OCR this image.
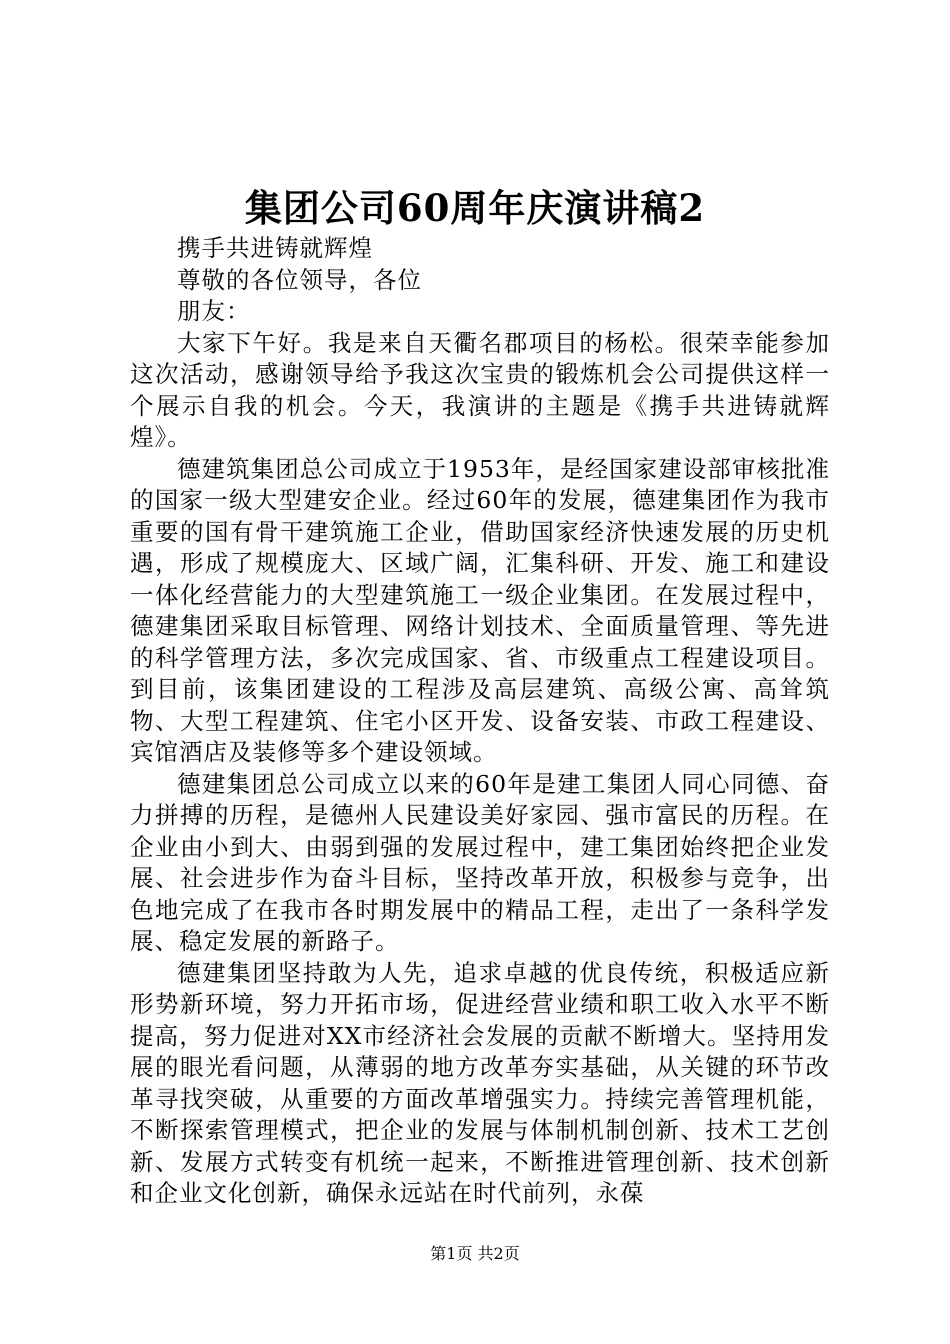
集团公司60周年庆演讲稿2

携手共进铸就辉煌

尊敬的各位领导，各位

朋友：

大家下午好。我是来自天衢名郡项目的杨松。很荣幸能参加这次活动，感谢领导给予我这次宝贵的锻炼机会公司提供这样一个展示自我的机会。今天，我演讲的主题是《携手共进铸就辉煌》。

德建筑集团总公司成立于1953年，是经国家建设部审核批准的国家一级大型建安企业。经过60年的发展，德建集团作为我市重要的国有骨干建筑施工企业，借助国家经济快速发展的历史机遇，形成了规模庞大、区域广阔，汇集科研、开发、施工和建设一体化经营能力的大型建筑施工一级企业集团。在发展过程中，德建集团采取目标管理、网络计划技术、全面质量管理、等先进的科学管理方法，多次完成国家、省、市级重点工程建设项目。到目前，该集团建设的工程涉及高层建筑、高级公寓、高耸筑物、大型工程建筑、住宅小区开发、设备安装、市政工程建设、宾馆酒店及装修等多个建设领域。

德建集团总公司成立以来的60年是建工集团人同心同德、奋力拼搏的历程，是德州人民建设美好家园、强市富民的历程。在企业由小到大、由弱到强的发展过程中，建工集团始终把企业发展、社会进步作为奋斗目标，坚持改革开放，积极参与竞争，出色地完成了在我市各时期发展中的精品工程，走出了一条科学发展、稳定发展的新路子。

德建集团坚持敢为人先，追求卓越的优良传统，积极适应新形势新环境，努力开拓市场，促进经营业绩和职工收入水平不断提高，努力促进对XX市经济社会发展的贡献不断增大。坚持用发展的眼光看问题，从薄弱的地方改革夯实基础，从关键的环节改革寻找突破，从重要的方面改革增强实力。持续完善管理机能，不断探索管理模式，把企业的发展与体制机制创新、技术工艺创新、发展方式转变有机统一起来，不断推进管理创新、技术创新和企业文化创新，确保永远站在时代前列，永葆

第1页 共2页
